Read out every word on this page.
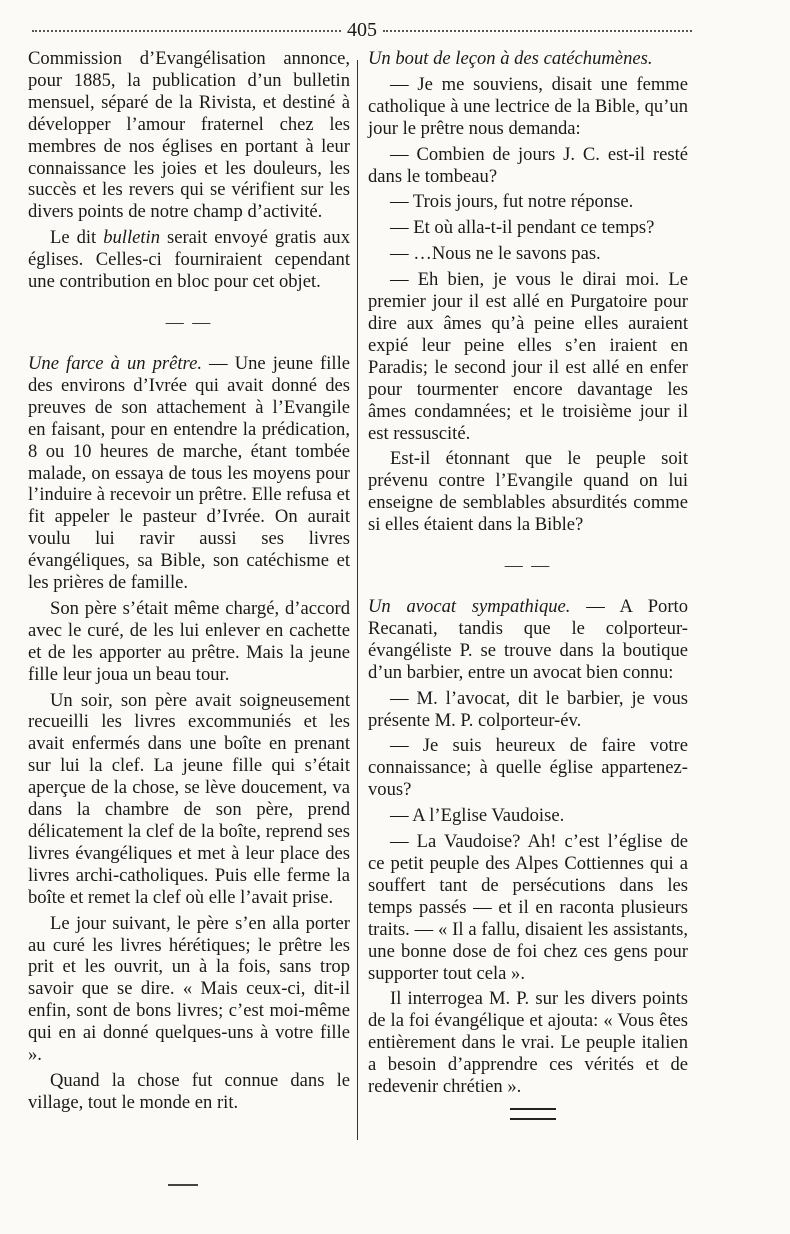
405

Commission d’Evangélisation annonce, pour 1885, la publication d’un bulletin mensuel, séparé de la Rivista, et destiné à développer l’amour fraternel chez les membres de nos églises en portant à leur connaissance les joies et les douleurs, les succès et les revers qui se vérifient sur les divers points de notre champ d’activité.

Le dit bulletin serait envoyé gratis aux églises. Celles-ci fourniraient cependant une contribution en bloc pour cet objet.

— —

Une farce à un prêtre. — Une jeune fille des environs d’Ivrée qui avait donné des preuves de son attachement à l’Evangile en faisant, pour en entendre la prédication, 8 ou 10 heures de marche, étant tombée malade, on essaya de tous les moyens pour l’induire à recevoir un prêtre. Elle refusa et fit appeler le pasteur d’Ivrée. On aurait voulu lui ravir aussi ses livres évangéliques, sa Bible, son catéchisme et les prières de famille.

Son père s’était même chargé, d’accord avec le curé, de les lui enlever en cachette et de les apporter au prêtre. Mais la jeune fille leur joua un beau tour.

Un soir, son père avait soigneusement recueilli les livres excommuniés et les avait enfermés dans une boîte en prenant sur lui la clef. La jeune fille qui s’était aperçue de la chose, se lève doucement, va dans la chambre de son père, prend délicatement la clef de la boîte, reprend ses livres évangéliques et met à leur place des livres archi-catholiques. Puis elle ferme la boîte et remet la clef où elle l’avait prise.

Le jour suivant, le père s’en alla porter au curé les livres hérétiques; le prêtre les prit et les ouvrit, un à la fois, sans trop savoir que se dire. « Mais ceux-ci, dit-il enfin, sont de bons livres; c’est moi-même qui en ai donné quelques-uns à votre fille ».

Quand la chose fut connue dans le village, tout le monde en rit.

Un bout de leçon à des catéchumènes.

— Je me souviens, disait une femme catholique à une lectrice de la Bible, qu’un jour le prêtre nous demanda:

— Combien de jours J. C. est-il resté dans le tombeau?

— Trois jours, fut notre réponse.

— Et où alla-t-il pendant ce temps?

— …Nous ne le savons pas.

— Eh bien, je vous le dirai moi. Le premier jour il est allé en Purgatoire pour dire aux âmes qu’à peine elles auraient expié leur peine elles s’en iraient en Paradis; le second jour il est allé en enfer pour tourmenter encore davantage les âmes condamnées; et le troisième jour il est ressuscité.

Est-il étonnant que le peuple soit prévenu contre l’Evangile quand on lui enseigne de semblables absurdités comme si elles étaient dans la Bible?

— —

Un avocat sympathique. — A Porto Recanati, tandis que le colporteur-évangéliste P. se trouve dans la boutique d’un barbier, entre un avocat bien connu:

— M. l’avocat, dit le barbier, je vous présente M. P. colporteur-év.

— Je suis heureux de faire votre connaissance; à quelle église appartenez-vous?

— A l’Eglise Vaudoise.

— La Vaudoise? Ah! c’est l’église de ce petit peuple des Alpes Cottiennes qui a souffert tant de persécutions dans les temps passés — et il en raconta plusieurs traits. — « Il a fallu, disaient les assistants, une bonne dose de foi chez ces gens pour supporter tout cela ».

Il interrogea M. P. sur les divers points de la foi évangélique et ajouta: « Vous êtes entièrement dans le vrai. Le peuple italien a besoin d’apprendre ces vérités et de redevenir chrétien ».
